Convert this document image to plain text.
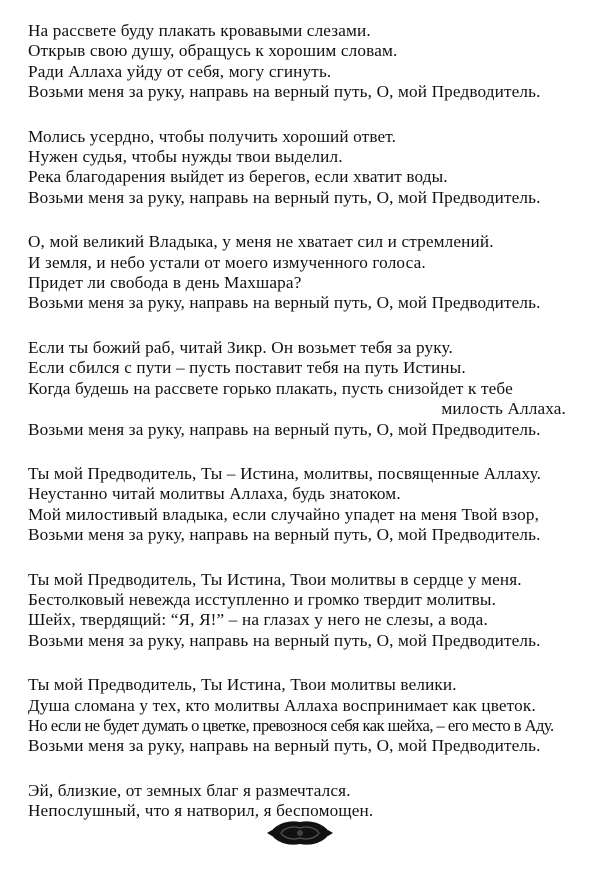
На рассвете буду плакать кровавыми слезами.
Открыв свою душу, обращусь к хорошим словам.
Ради Аллаха уйду от себя, могу сгинуть.
Возьми меня за руку, направь на верный путь, О, мой Предводитель.
Молись усердно, чтобы получить хороший ответ.
Нужен судья, чтобы нужды твои выделил.
Река благодарения выйдет из берегов, если хватит воды.
Возьми меня за руку, направь на верный путь, О, мой Предводитель.
О, мой великий Владыка, у меня не хватает сил и стремлений.
И земля, и небо устали от моего измученного голоса.
Придет ли свобода в день Махшара?
Возьми меня за руку, направь на верный путь, О, мой Предводитель.
Если ты божий раб, читай Зикр. Он возьмет тебя за руку.
Если сбился с пути – пусть поставит тебя на путь Истины.
Когда будешь на рассвете горько плакать, пусть снизойдет к тебе
милость Аллаха.
Возьми меня за руку, направь на верный путь, О, мой Предводитель.
Ты мой Предводитель, Ты – Истина, молитвы, посвященные Аллаху.
Неустанно читай молитвы Аллаха, будь знатоком.
Мой милостивый владыка, если случайно упадет на меня Твой взор,
Возьми меня за руку, направь на верный путь, О, мой Предводитель.
Ты мой Предводитель, Ты Истина, Твои молитвы в сердце у меня.
Бестолковый невежда исступленно и громко твердит молитвы.
Шейх, твердящий: “Я, Я!” – на глазах у него не слезы, а вода.
Возьми меня за руку, направь на верный путь, О, мой Предводитель.
Ты мой Предводитель, Ты Истина, Твои молитвы велики.
Душа сломана у тех, кто молитвы Аллаха воспринимает как цветок.
Но если не будет думать о цветке, превознося себя как шейха, – его место в Аду.
Возьми меня за руку, направь на верный путь, О, мой Предводитель.
Эй, близкие, от земных благ я размечтался.
Непослушный, что я натворил, я беспомощен.
